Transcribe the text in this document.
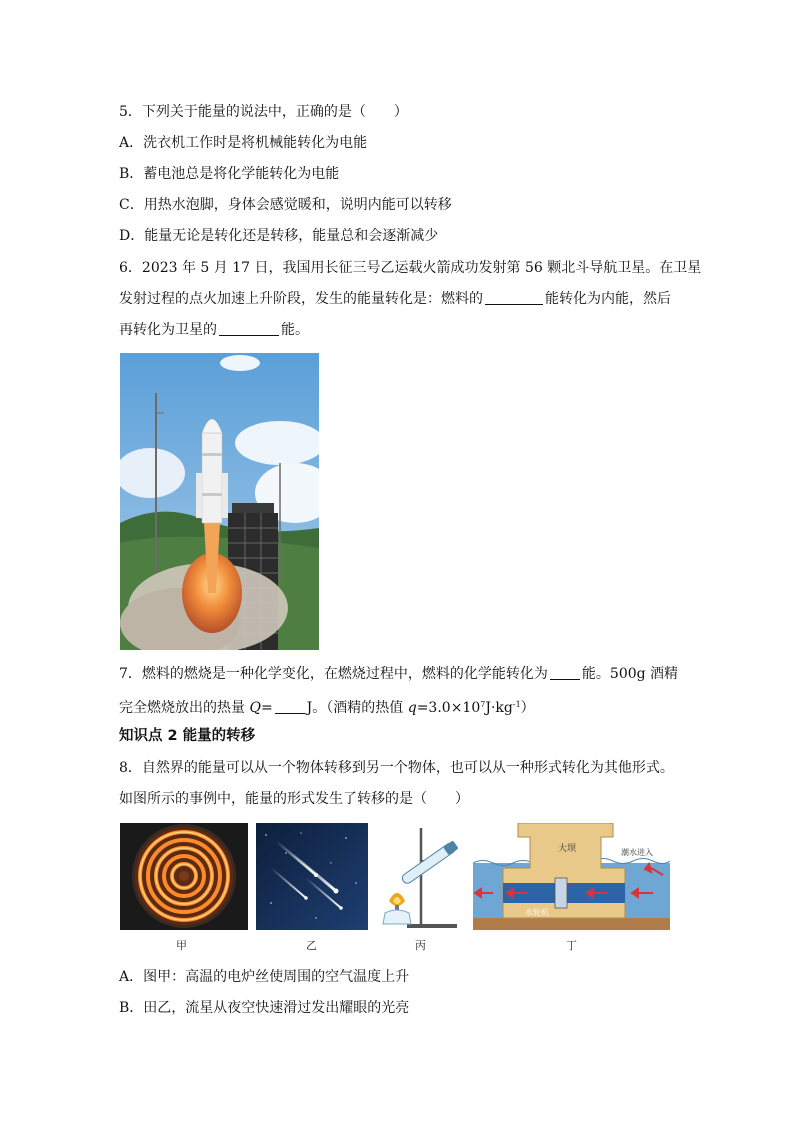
5．下列关于能量的说法中，正确的是（　　）
A．洗衣机工作时是将机械能转化为电能
B．蓄电池总是将化学能转化为电能
C．用热水泡脚，身体会感觉暖和，说明内能可以转移
D．能量无论是转化还是转移，能量总和会逐渐减少
6．2023 年 5 月 17 日，我国用长征三号乙运载火箭成功发射第 56 颗北斗导航卫星。在卫星
发射过程的点火加速上升阶段，发生的能量转化是：燃料的	能转化为内能，然后
再转化为卫星的	能。
7．燃料的燃烧是一种化学变化，在燃烧过程中，燃料的化学能转化为 能。500g 酒精
完全燃烧放出的热量 Q= J。（酒精的热值 $q=3.0\times 10^7J\cdot kg^{-1}$）
知识点 2 能量的转移
8．自然界的能量可以从一个物体转移到另一个物体，也可以从一种形式转化为其他形式。
如图所示的事例中，能量的形式发生了转移的是（　　）
大坝	潮水进入
水轮机
甲	乙	丙	丁
A．图甲：高温的电炉丝使周围的空气温度上升
B．田乙，流星从夜空快速滑过发出耀眼的光亮
